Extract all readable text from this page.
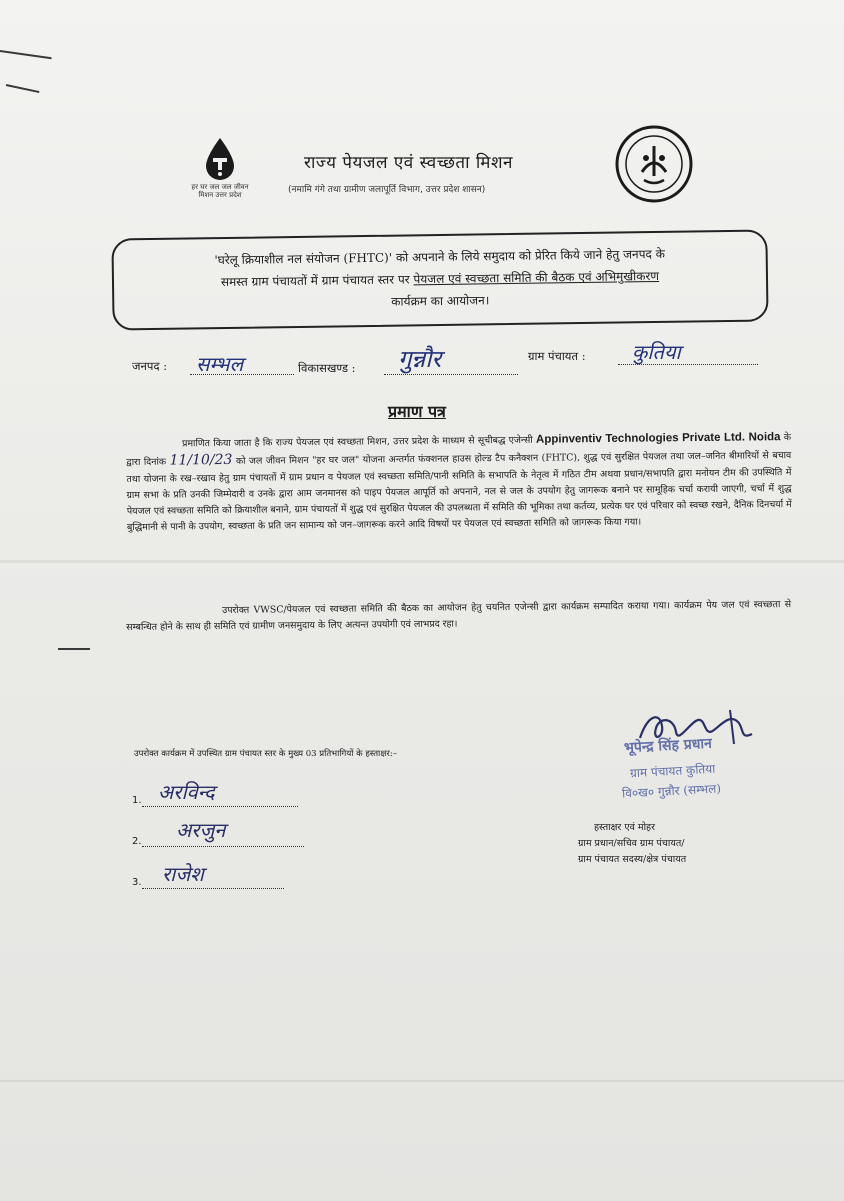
हर घर जल जल जीवन मिशन उत्तर प्रदेश
राज्य पेयजल एवं स्वच्छता मिशन
(नमामि गंगे तथा ग्रामीण जलापूर्ति विभाग, उत्तर प्रदेश शासन)
'घरेलू क्रियाशील नल संयोजन (FHTC)' को अपनाने के लिये समुदाय को प्रेरित किये जाने हेतु जनपद के
समस्त ग्राम पंचायतों में ग्राम पंचायत स्तर पर पेयजल एवं स्वच्छता समिति की बैठक एवं अभिमुखीकरण
कार्यक्रम का आयोजन।
जनपद : सम्भल	विकासखण्ड : गुन्नौर	ग्राम पंचायत : कुतिया
प्रमाण पत्र
प्रमाणित किया जाता है कि राज्य पेयजल एवं स्वच्छता मिशन, उत्तर प्रदेश के माध्यम से सूचीबद्ध एजेन्सी Appinventiv Technologies Private Ltd. Noida के द्वारा दिनांक 11/10/23 को जल जीवन मिशन "हर घर जल" योजना अन्तर्गत फंक्शनल हाउस होल्ड टैप कनैक्शन (FHTC), शुद्ध एवं सुरक्षित पेयजल तथा जल–जनित बीमारियों से बचाव तथा योजना के रख–रखाव हेतु ग्राम पंचायतों में ग्राम प्रधान व पेयजल एवं स्वच्छता समिति/पानी समिति के सभापति के नेतृत्व में गठित टीम अथवा प्रधान/सभापति द्वारा मनोयन टीम की उपस्थिति में ग्राम सभा के प्रति उनकी जिम्मेदारी व उनके द्वारा आम जनमानस को पाइप पेयजल आपूर्ति को अपनाने, नल से जल के उपयोग हेतु जागरूक बनाने पर सामूहिक चर्चा करायी जाएगी, चर्चा में शुद्ध पेयजल एवं स्वच्छता समिति को क्रियाशील बनाने, ग्राम पंचायतों में शुद्ध एवं सुरक्षित पेयजल की उपलब्धता में समिति की भूमिका तथा कर्तव्य, प्रत्येक घर एवं परिवार को स्वच्छ रखने, दैनिक दिनचर्या में बुद्धिमानी से पानी के उपयोग, स्वच्छता के प्रति जन सामान्य को जन–जागरूक करने आदि विषयों पर पेयजल एवं स्वच्छता समिति को जागरूक किया गया।
उपरोक्त VWSC/पेयजल एवं स्वच्छता समिति की बैठक का आयोजन हेतु चयनित एजेन्सी द्वारा कार्यक्रम सम्पादित कराया गया। कार्यक्रम पेय जल एवं स्वच्छता से सम्बन्धित होने के साथ ही समिति एवं ग्रामीण जनसमुदाय के लिए अत्यन्त उपयोगी एवं लाभप्रद रहा।
उपरोक्त कार्यक्रम में उपस्थित ग्राम पंचायत स्तर के मुख्य 03 प्रतिभागियों के हस्ताक्षर:–
1. अरविन्द
2. अरजुन
3. राजेश
भूपेन्द्र सिंह प्रधान
ग्राम पंचायत कुतिया
वि०ख० गुन्नौर (सम्भल)
हस्ताक्षर एवं मोहर
ग्राम प्रधान/सचिव ग्राम पंचायत/
ग्राम पंचायत सदस्य/क्षेत्र पंचायत
